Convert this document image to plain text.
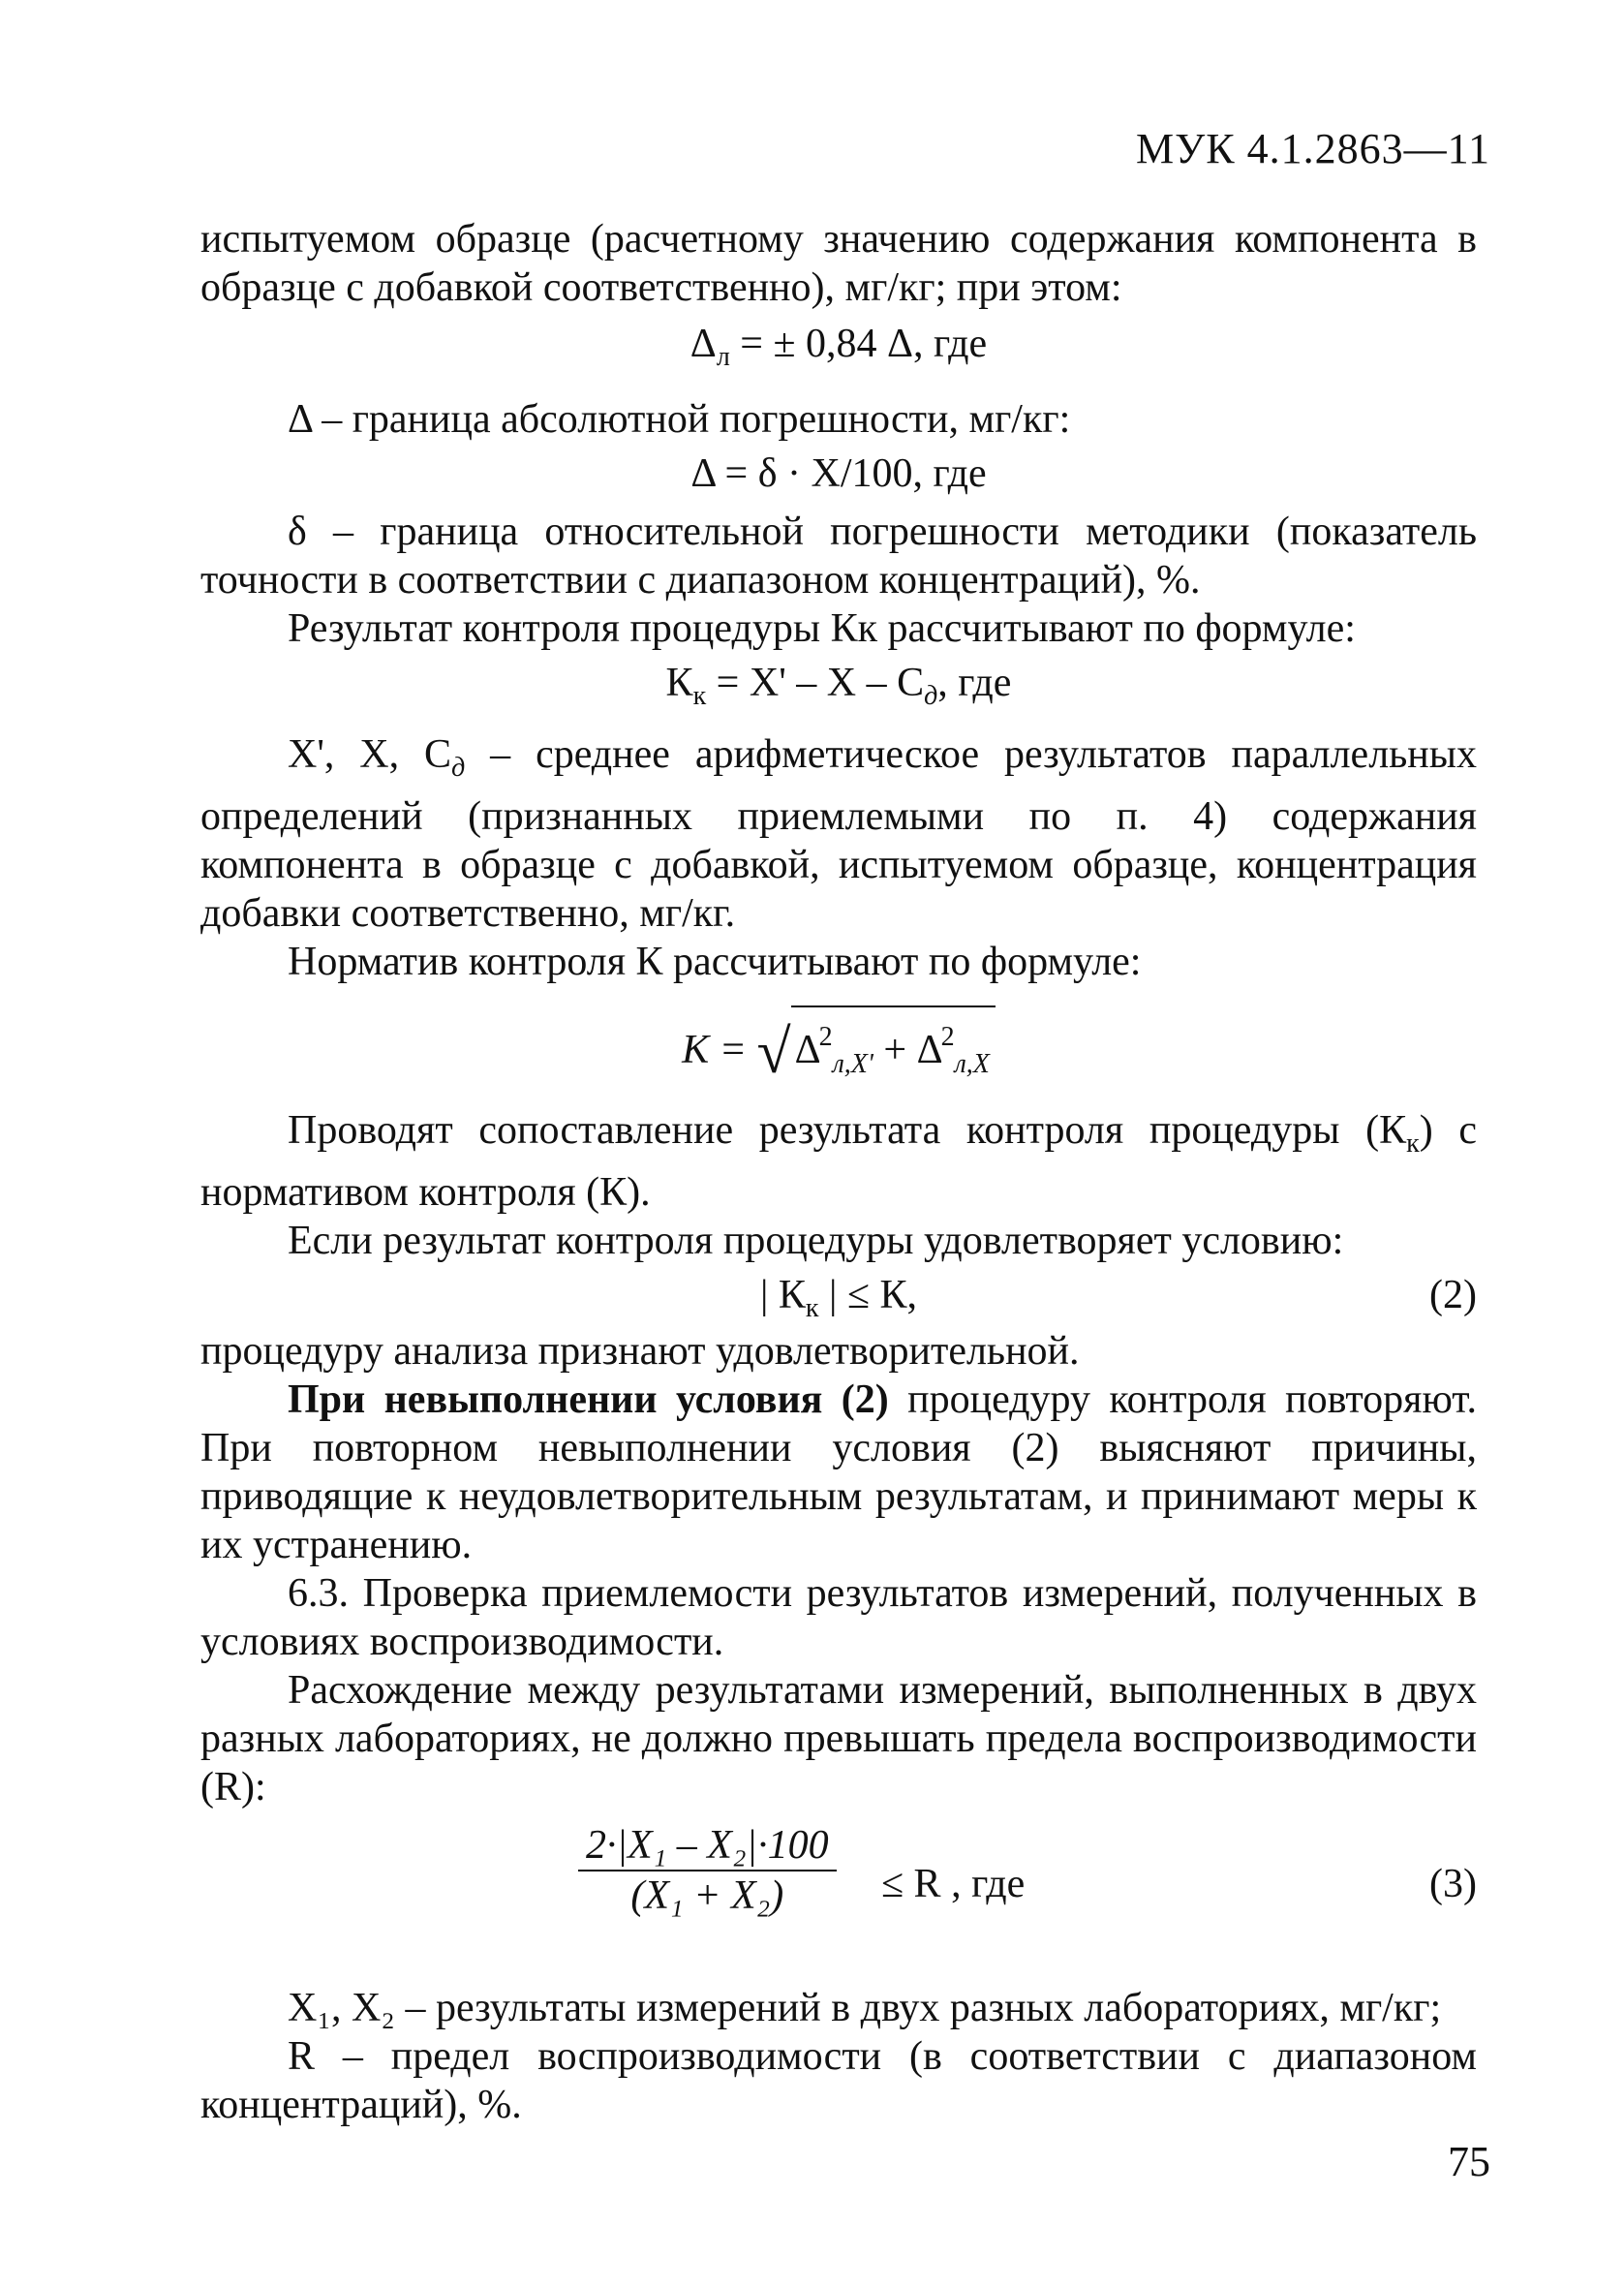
МУК 4.1.2863—11

испытуемом образце (расчетному значению содержания компонента в образце с добавкой соответственно), мг/кг; при этом:

$\Delta_л$ = ± 0,84 Δ, где

Δ – граница абсолютной погрешности, мг/кг:

Δ = δ · X/100, где

δ – граница относительной погрешности методики (показатель точности в соответствии с диапазоном концентраций), %.

Результат контроля процедуры Кк рассчитывают по формуле:

$К_к = X' - X - C_д$, где

X', X, $C_д$ – среднее арифметическое результатов параллельных определений (признанных приемлемыми по п. 4) содержания компонента в образце с добавкой, испытуемом образце, концентрация добавки соответственно, мг/кг.

Норматив контроля К рассчитывают по формуле:

$K = √\Delta^2_{л,X'} + \Delta^2_{л,X}$

Проводят сопоставление результата контроля процедуры $(К_к)$ с нормативом контроля (К).

Если результат контроля процедуры удовлетворяет условию:

| $К_к$ | ≤ К,	(2)

процедуру анализа признают удовлетворительной.

При невыполнении условия (2) процедуру контроля повторяют. При повторном невыполнении условия (2) выясняют причины, приводящие к неудовлетворительным результатам, и принимают меры к их устранению.

6.3. Проверка приемлемости результатов измерений, полученных в условиях воспроизводимости.

Расхождение между результатами измерений, выполненных в двух разных лабораториях, не должно превышать предела воспроизводимости (R):

$\frac{\text{2·|X₁ – X₂|·100}}{\text{(X₁ + X₂)}} \le R$ , где	(3)

X₁, X₂ – результаты измерений в двух разных лабораториях, мг/кг;

R – предел воспроизводимости (в соответствии с диапазоном концентраций), %.

75
